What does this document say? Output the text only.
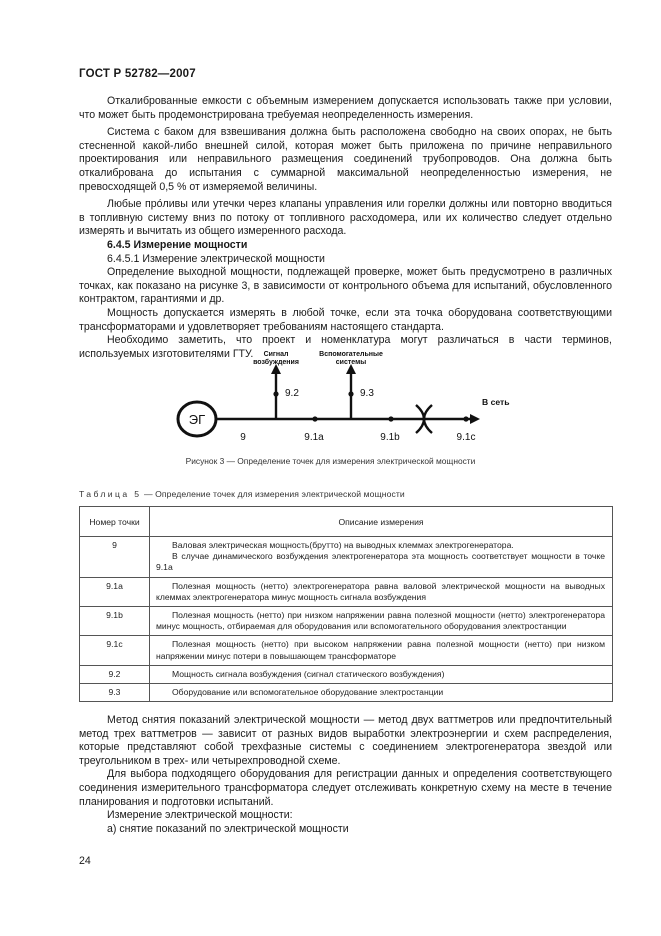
ГОСТ Р 52782—2007

Откалиброванные емкости с объемным измерением допускается использовать также при условии, что может быть продемонстрирована требуемая неопределенность измерения.

Система с баком для взвешивания должна быть расположена свободно на своих опорах, не быть стесненной какой-либо внешней силой, которая может быть приложена по причине неправильного проектирования или неправильного размещения соединений трубопроводов. Она должна быть откалибрована до испытания с суммарной максимальной неопределенностью измерения, не превосходящей 0,5 % от измеряемой величины.

Любые про́ливы или утечки через клапаны управления или горелки должны или повторно вводиться в топливную систему вниз по потоку от топливного расходомера, или их количество следует отдельно измерять и вычитать из общего измеренного расхода.

6.4.5 Измерение мощности

6.4.5.1 Измерение электрической мощности

Определение выходной мощности, подлежащей проверке, может быть предусмотрено в различных точках, как показано на рисунке 3, в зависимости от контрольного объема для испытаний, обусловленного контрактом, гарантиями и др.

Мощность допускается измерять в любой точке, если эта точка оборудована соответствующими трансформаторами и удовлетворяет требованиям настоящего стандарта.

Необходимо заметить, что проект и номенклатура могут различаться в части терминов, используемых изготовителями ГТУ.

ЭГ
В сеть
Сигнал
возбуждения
9.2
Вспомогательные
системы
9.3
9	9.1a	9.1b	9.1c
Рисунок 3 — Определение точек для измерения электрической мощности
Таблица 5 — Определение точек для измерения электрической мощности
Номер точки	Описание измерения
9	Валовая электрическая мощность(брутто) на выводных клеммах электрогенератора.
В случае динамического возбуждения электрогенератора эта мощность соответствует мощности в точке 9.1а

9.1а	Полезная мощность (нетто) электрогенератора равна валовой электрической мощности на выводных клеммах электрогенератора минус мощность сигнала возбуждения

9.1b	Полезная мощность (нетто) при низком напряжении равна полезной мощности (нетто) электрогенератора минус мощность, отбираемая для оборудования или вспомогательного оборудования электростанции

9.1с	Полезная мощность (нетто) при высоком напряжении равна полезной мощности (нетто) при низком напряжении минус потери в повышающем трансформаторе

9.2	Мощность сигнала возбуждения (сигнал статического возбуждения)

9.3	Оборудование или вспомогательное оборудование электростанции

Метод снятия показаний электрической мощности — метод двух ваттметров или предпочтительный метод трех ваттметров — зависит от разных видов выработки электроэнергии и схем распределения, которые представляют собой трехфазные системы с соединением электрогенератора звездой или треугольником в трех- или четырехпроводной схеме.

Для выбора подходящего оборудования для регистрации данных и определения соответствующего соединения измерительного трансформатора следует отслеживать конкретную схему на месте в течение планирования и подготовки испытаний.

Измерение электрической мощности:

а) снятие показаний по электрической мощности

24
